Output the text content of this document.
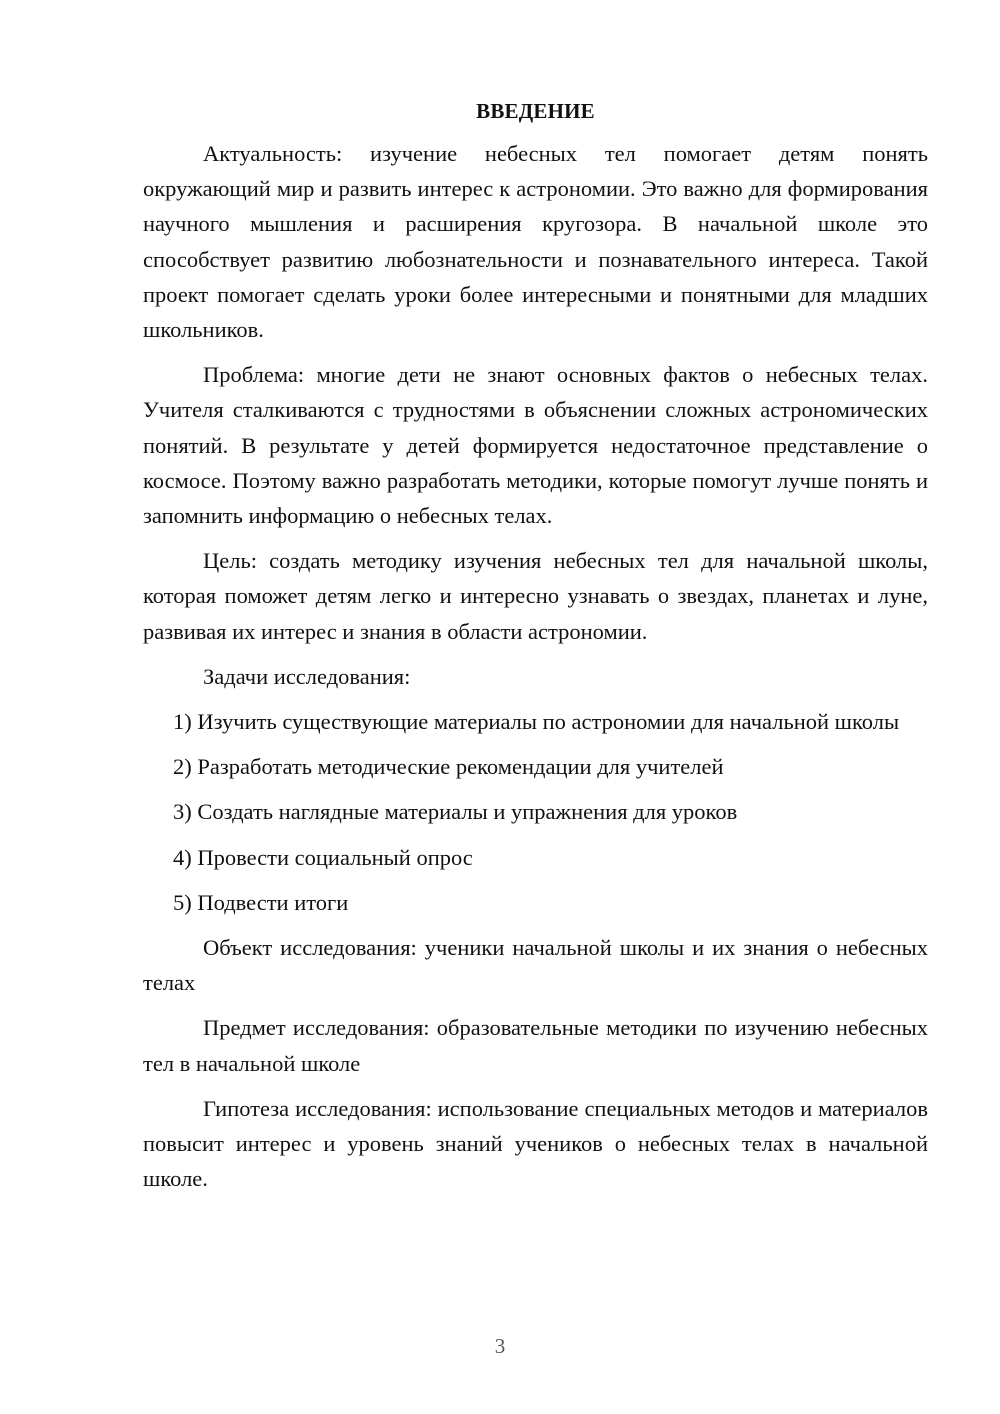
ВВЕДЕНИЕ

Актуальность: изучение небесных тел помогает детям понять окружающий мир и развить интерес к астрономии. Это важно для формирования научного мышления и расширения кругозора. В начальной школе это способствует развитию любознательности и познавательного интереса. Такой проект помогает сделать уроки более интересными и понятными для младших школьников.

Проблема: многие дети не знают основных фактов о небесных телах. Учителя сталкиваются с трудностями в объяснении сложных астрономических понятий. В результате у детей формируется недостаточное представление о космосе. Поэтому важно разработать методики, которые помогут лучше понять и запомнить информацию о небесных телах.

Цель: создать методику изучения небесных тел для начальной школы, которая поможет детям легко и интересно узнавать о звездах, планетах и луне, развивая их интерес и знания в области астрономии.

Задачи исследования:

1) Изучить существующие материалы по астрономии для начальной школы

2) Разработать методические рекомендации для учителей

3) Создать наглядные материалы и упражнения для уроков

4) Провести социальный опрос

5) Подвести итоги

Объект исследования: ученики начальной школы и их знания о небесных телах

Предмет исследования: образовательные методики по изучению небесных тел в начальной школе

Гипотеза исследования: использование специальных методов и материалов повысит интерес и уровень знаний учеников о небесных телах в начальной школе.

3
